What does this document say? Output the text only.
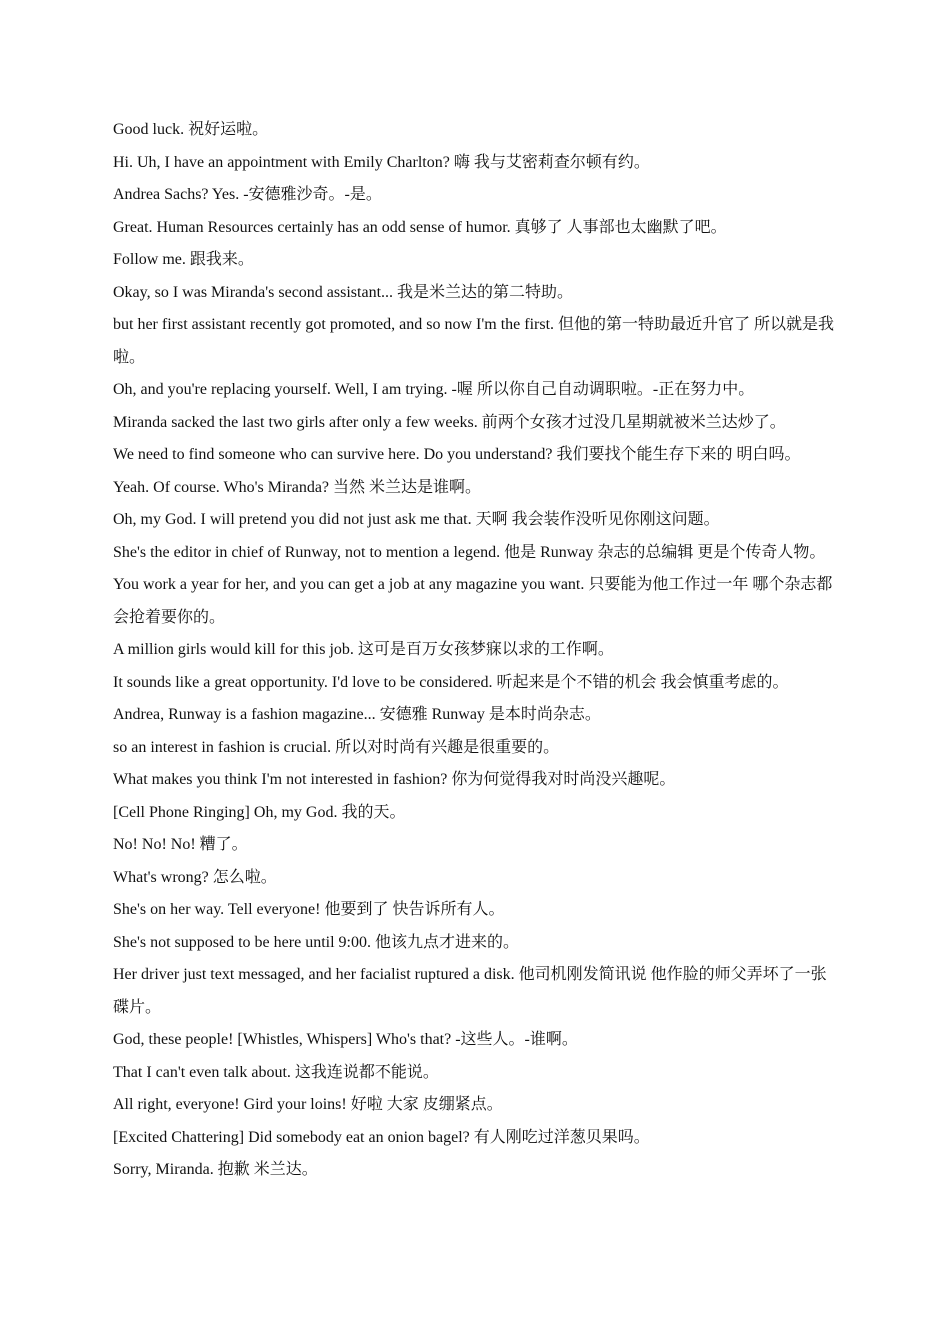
Good luck. 祝好运啦。

Hi. Uh, I have an appointment with Emily Charlton? 嗨 我与艾密莉查尔顿有约。

Andrea Sachs? Yes. -安德雅沙奇。-是。

Great. Human Resources certainly has an odd sense of humor. 真够了 人事部也太幽默了吧。

Follow me. 跟我来。

Okay, so I was Miranda's second assistant... 我是米兰达的第二特助。

but her first assistant recently got promoted, and so now I'm the first. 但他的第一特助最近升官了 所以就是我啦。

Oh, and you're replacing yourself. Well, I am trying. -喔 所以你自己自动调职啦。-正在努力中。

Miranda sacked the last two girls after only a few weeks. 前两个女孩才过没几星期就被米兰达炒了。

We need to find someone who can survive here. Do you understand? 我们要找个能生存下来的 明白吗。

Yeah. Of course. Who's Miranda? 当然 米兰达是谁啊。

Oh, my God. I will pretend you did not just ask me that. 天啊 我会装作没听见你刚这问题。

She's the editor in chief of Runway, not to mention a legend. 他是 Runway 杂志的总编辑 更是个传奇人物。

You work a year for her, and you can get a job at any magazine you want. 只要能为他工作过一年 哪个杂志都会抢着要你的。

A million girls would kill for this job. 这可是百万女孩梦寐以求的工作啊。

It sounds like a great opportunity. I'd love to be considered. 听起来是个不错的机会 我会慎重考虑的。

Andrea, Runway is a fashion magazine... 安德雅 Runway 是本时尚杂志。

so an interest in fashion is crucial. 所以对时尚有兴趣是很重要的。

What makes you think I'm not interested in fashion? 你为何觉得我对时尚没兴趣呢。

[Cell Phone Ringing] Oh, my God. 我的天。

No! No! No! 糟了。

What's wrong? 怎么啦。

She's on her way. Tell everyone! 他要到了 快告诉所有人。

She's not supposed to be here until 9:00. 他该九点才进来的。

Her driver just text messaged, and her facialist ruptured a disk. 他司机刚发简讯说 他作脸的师父弄坏了一张碟片。

God, these people! [Whistles, Whispers] Who's that? -这些人。-谁啊。

That I can't even talk about. 这我连说都不能说。

All right, everyone! Gird your loins! 好啦 大家 皮绷紧点。

[Excited Chattering] Did somebody eat an onion bagel? 有人刚吃过洋葱贝果吗。

Sorry, Miranda. 抱歉 米兰达。
